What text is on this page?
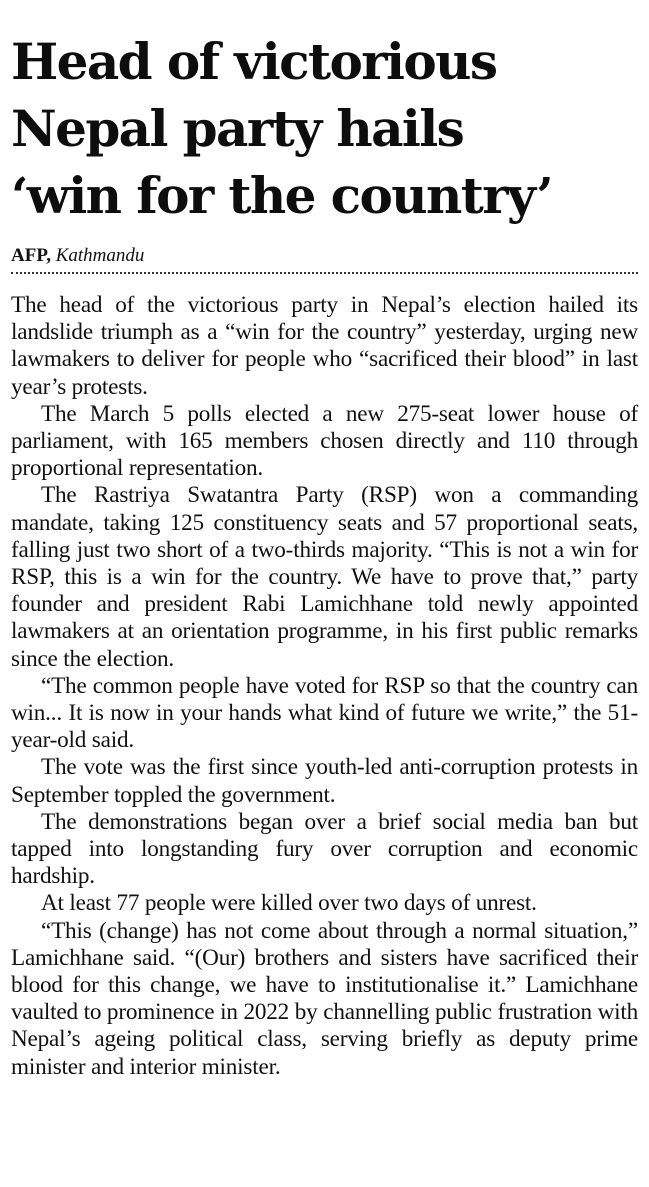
Head of victorious
Nepal party hails
‘win for the country’
AFP, Kathmandu

The head of the victorious party in Nepal’s election hailed its landslide triumph as a “win for the country” yesterday, urging new lawmakers to deliver for people who “sacrificed their blood” in last year’s protests.

The March 5 polls elected a new 275-seat lower house of parliament, with 165 members chosen directly and 110 through proportional representation.

The Rastriya Swatantra Party (RSP) won a commanding mandate, taking 125 constituency seats and 57 proportional seats, falling just two short of a two-thirds majority. “This is not a win for RSP, this is a win for the country. We have to prove that,” party founder and president Rabi Lamichhane told newly appointed lawmakers at an orientation programme, in his first public remarks since the election.

“The common people have voted for RSP so that the country can win... It is now in your hands what kind of future we write,” the 51-year-old said.

The vote was the first since youth-led anti-corruption protests in September toppled the government.

The demonstrations began over a brief social media ban but tapped into longstanding fury over corruption and economic hardship.

At least 77 people were killed over two days of unrest.

“This (change) has not come about through a normal situation,” Lamichhane said. “(Our) brothers and sisters have sacrificed their blood for this change, we have to institutionalise it.” Lamichhane vaulted to prominence in 2022 by channelling public frustration with Nepal’s ageing political class, serving briefly as deputy prime minister and interior minister.
